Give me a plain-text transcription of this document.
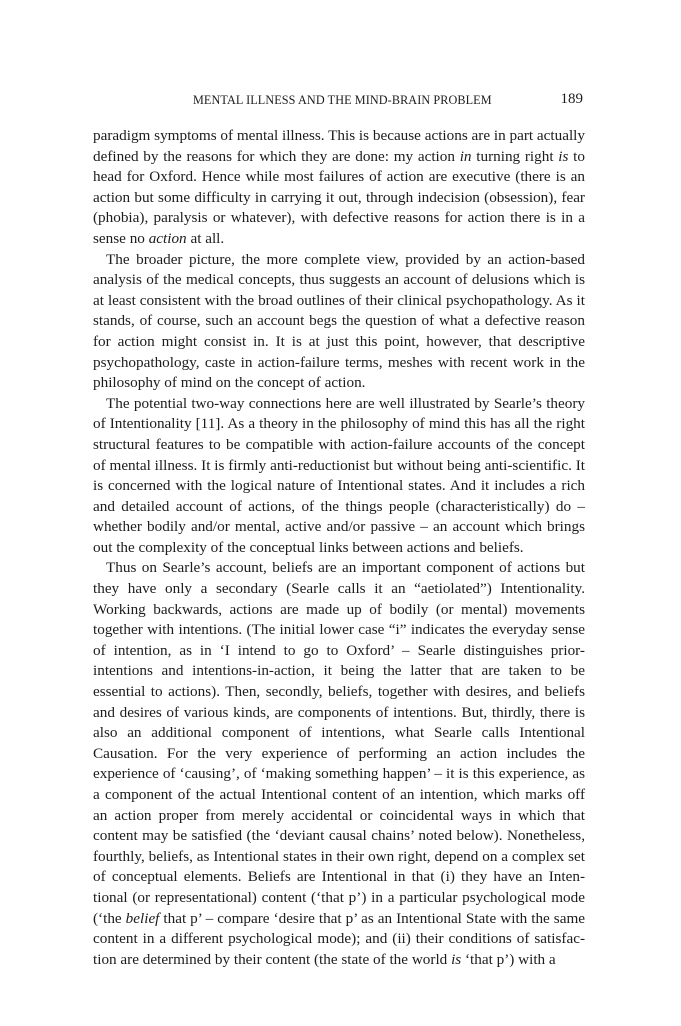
MENTAL ILLNESS AND THE MIND-BRAIN PROBLEM	189

paradigm symptoms of mental illness. This is because actions are in part actually defined by the reasons for which they are done: my action in turning right is to head for Oxford. Hence while most failures of action are executive (there is an action but some difficulty in carrying it out, through indecision (obsession), fear (phobia), paralysis or whatever), with defective reasons for action there is in a sense no action at all.

The broader picture, the more complete view, provided by an action-based analysis of the medical concepts, thus suggests an account of delusions which is at least consistent with the broad outlines of their clinical psychopathology. As it stands, of course, such an account begs the question of what a defective reason for action might consist in. It is at just this point, however, that descriptive psychopathology, caste in action-failure terms, meshes with recent work in the philosophy of mind on the concept of action.

The potential two-way connections here are well illustrated by Searle’s theory of Intentionality [11]. As a theory in the philosophy of mind this has all the right structural features to be compatible with action-failure accounts of the concept of mental illness. It is firmly anti-reductionist but without being anti-scientific. It is concerned with the logical nature of Intentional states. And it includes a rich and detailed account of actions, of the things people (characteristically) do – whether bodily and/or mental, active and/or passive – an account which brings out the complexity of the conceptual links between actions and beliefs.

Thus on Searle’s account, beliefs are an important component of actions but they have only a secondary (Searle calls it an “aetiolated”) Intentionality. Working backwards, actions are made up of bodily (or mental) movements together with intentions. (The initial lower case “i” indicates the everyday sense of intention, as in ‘I intend to go to Oxford’ – Searle distinguishes prior-intentions and intentions-in-action, it being the latter that are taken to be essential to actions). Then, secondly, beliefs, together with desires, and beliefs and desires of various kinds, are components of intentions. But, thirdly, there is also an additional component of intentions, what Searle calls Intentional Causation. For the very experience of performing an action includes the experience of ‘causing’, of ‘making something happen’ – it is this experience, as a component of the actual Intentional content of an intention, which marks off an action proper from merely accidental or coincidental ways in which that content may be satisfied (the ‘deviant causal chains’ noted below). Nonetheless, fourthly, beliefs, as Intentional states in their own right, depend on a complex set of conceptual elements. Beliefs are Intentional in that (i) they have an Intentional (or representational) content (‘that p’) in a particular psychological mode (‘the belief that p’ – compare ‘desire that p’ as an Intentional State with the same content in a different psychological mode); and (ii) their conditions of satisfaction are determined by their content (the state of the world is ‘that p’) with a
